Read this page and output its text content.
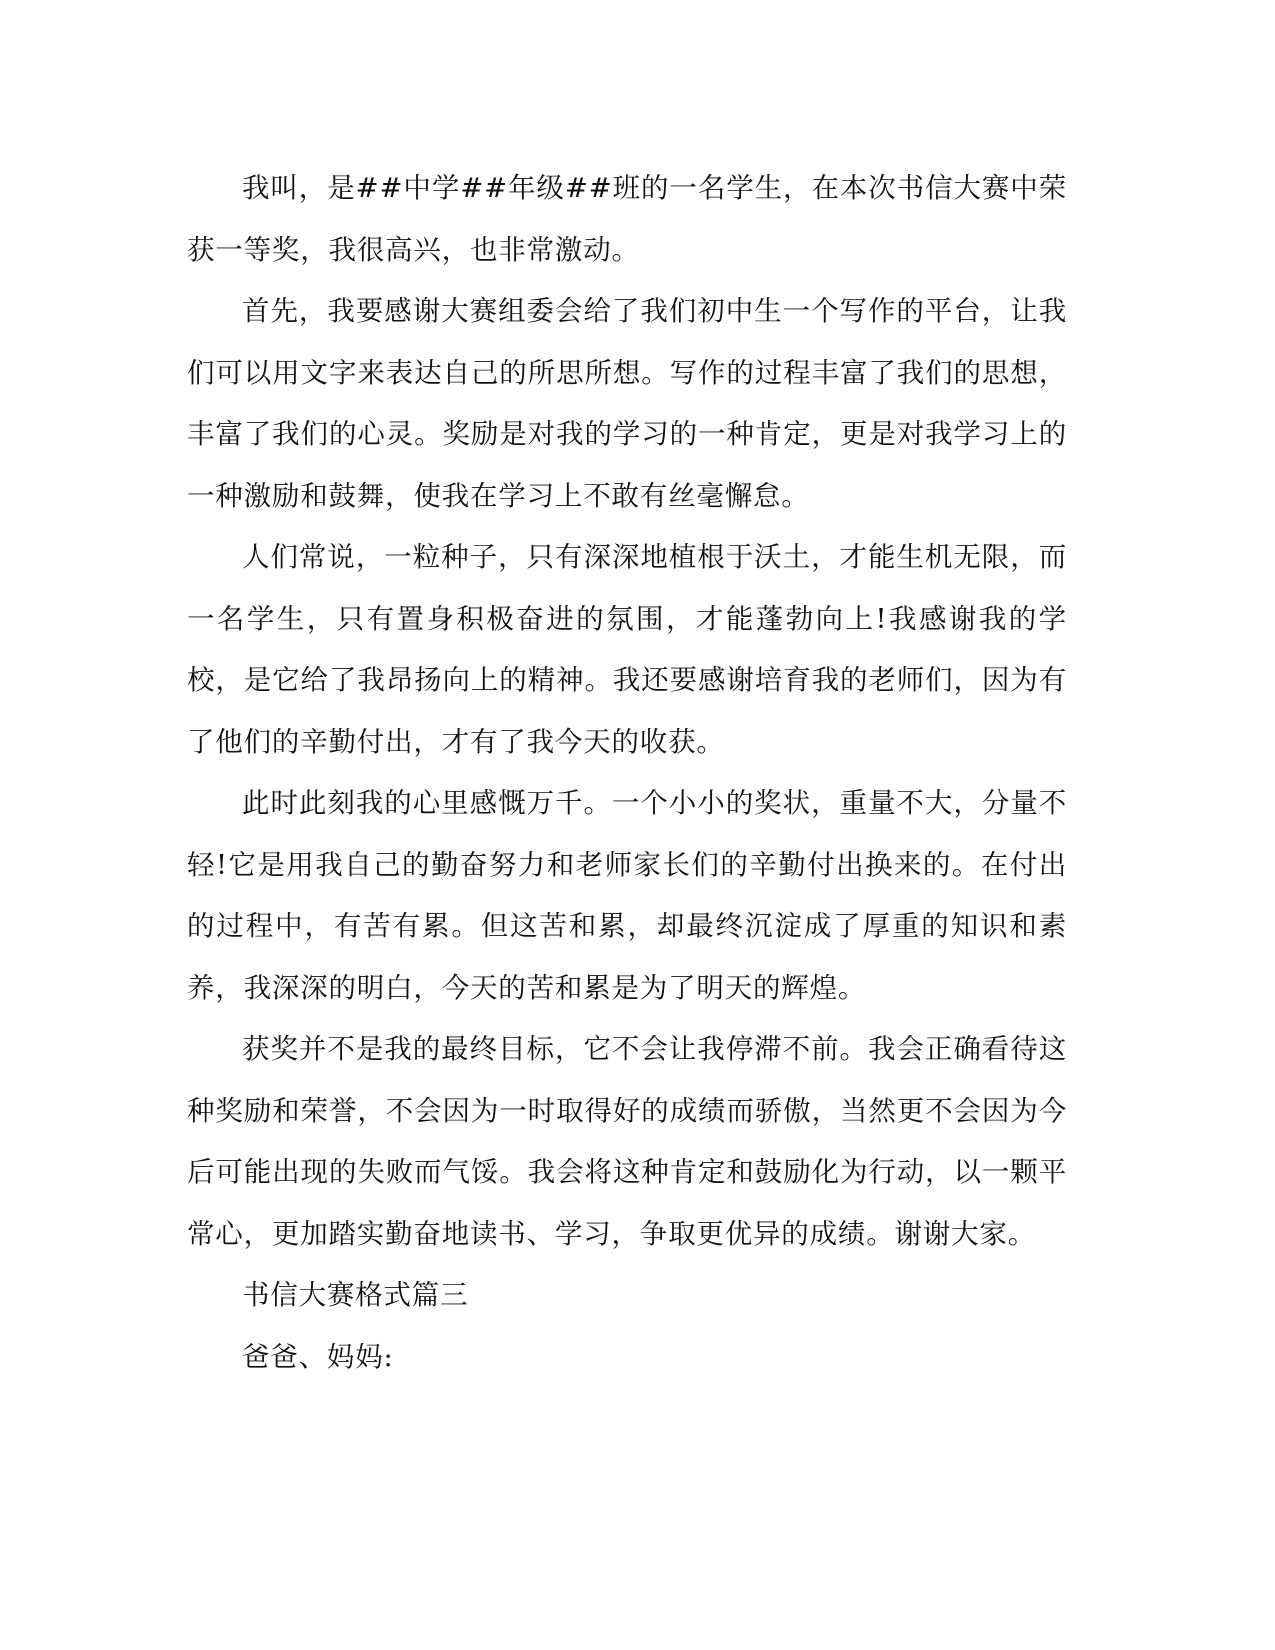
我叫，是##中学##年级##班的一名学生，在本次书信大赛中荣获一等奖，我很高兴，也非常激动。

首先，我要感谢大赛组委会给了我们初中生一个写作的平台，让我们可以用文字来表达自己的所思所想。写作的过程丰富了我们的思想，丰富了我们的心灵。奖励是对我的学习的一种肯定，更是对我学习上的一种激励和鼓舞，使我在学习上不敢有丝毫懈怠。

人们常说，一粒种子，只有深深地植根于沃土，才能生机无限，而一名学生，只有置身积极奋进的氛围，才能蓬勃向上!我感谢我的学校，是它给了我昂扬向上的精神。我还要感谢培育我的老师们，因为有了他们的辛勤付出，才有了我今天的收获。

此时此刻我的心里感慨万千。一个小小的奖状，重量不大，分量不轻!它是用我自己的勤奋努力和老师家长们的辛勤付出换来的。在付出的过程中，有苦有累。但这苦和累，却最终沉淀成了厚重的知识和素养，我深深的明白，今天的苦和累是为了明天的辉煌。

获奖并不是我的最终目标，它不会让我停滞不前。我会正确看待这种奖励和荣誉，不会因为一时取得好的成绩而骄傲，当然更不会因为今后可能出现的失败而气馁。我会将这种肯定和鼓励化为行动，以一颗平常心，更加踏实勤奋地读书、学习，争取更优异的成绩。谢谢大家。

书信大赛格式篇三

爸爸、妈妈:
